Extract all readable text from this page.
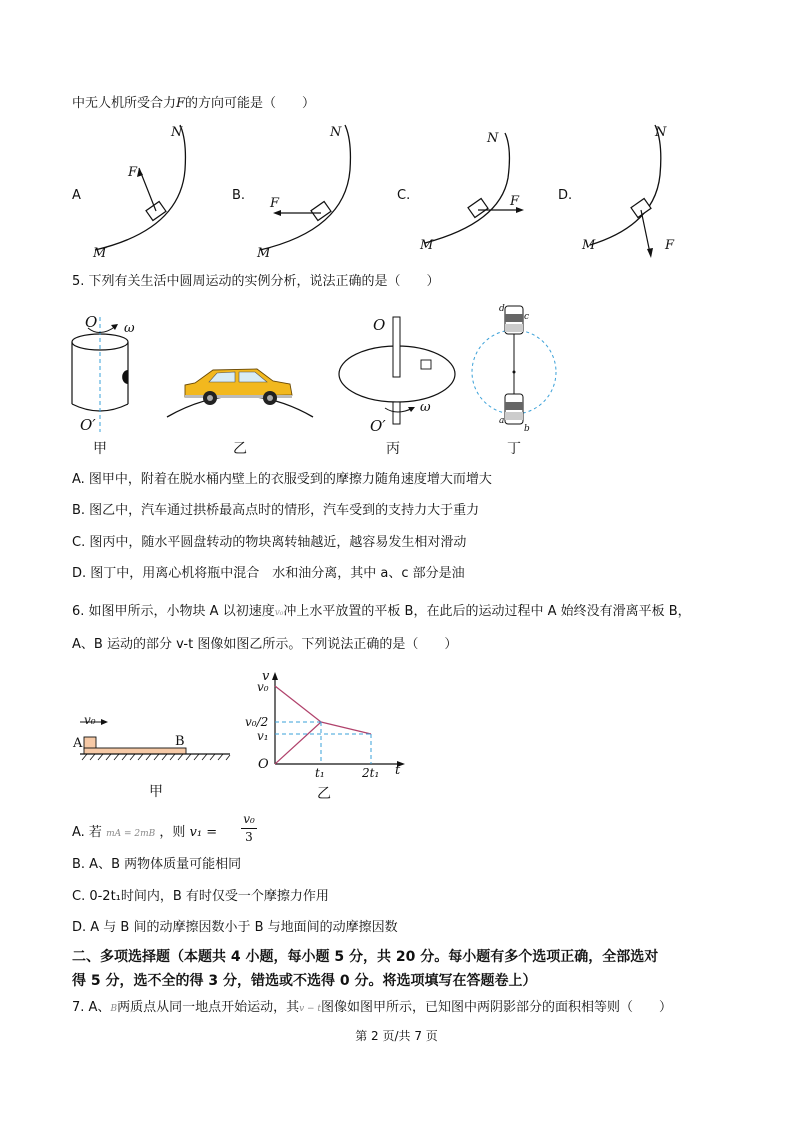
中无人机所受合力F的方向可能是（　　）
A
F
M
N
B.
F
M
N
C.	F
M
N
D.
F
M
N
5. 下列有关生活中圆周运动的实例分析，说法正确的是（　　）
O
O′
ω
甲	乙
O
O′
ω
丙
d
c
a
b
丁
A. 图甲中，附着在脱水桶内壁上的衣服受到的摩擦力随角速度增大而增大
B. 图乙中，汽车通过拱桥最高点时的情形，汽车受到的支持力大于重力
C. 图丙中，随水平圆盘转动的物块离转轴越近，越容易发生相对滑动
D. 图丁中，用离心机将瓶中混合　水和油分离，其中 a、c 部分是油
6. 如图甲所示，小物块 A 以初速度v₀冲上水平放置的平板 B，在此后的运动过程中 A 始终没有滑离平板 B，
A、B 运动的部分 v-t 图像如图乙所示。下列说法正确的是（　　）
v₀
A	B
甲
v
v₀
v₀/2
v₁
O
t₁	2t₁ t
乙
A. 若 mA = 2mB ，则 v₁ =
v₀
3
B. A、B 两物体质量可能相同
C. 0-2t₁时间内，B 有时仅受一个摩擦力作用
D. A 与 B 间的动摩擦因数小于 B 与地面间的动摩擦因数
二、多项选择题（本题共 4 小题，每小题 5 分，共 20 分。每小题有多个选项正确，全部选对
得 5 分，选不全的得 3 分，错选或不选得 0 分。将选项填写在答题卷上）
7. A、B两质点从同一地点开始运动，其v − t图像如图甲所示，已知图中两阴影部分的面积相等则（　　）
第 2 页/共 7 页
